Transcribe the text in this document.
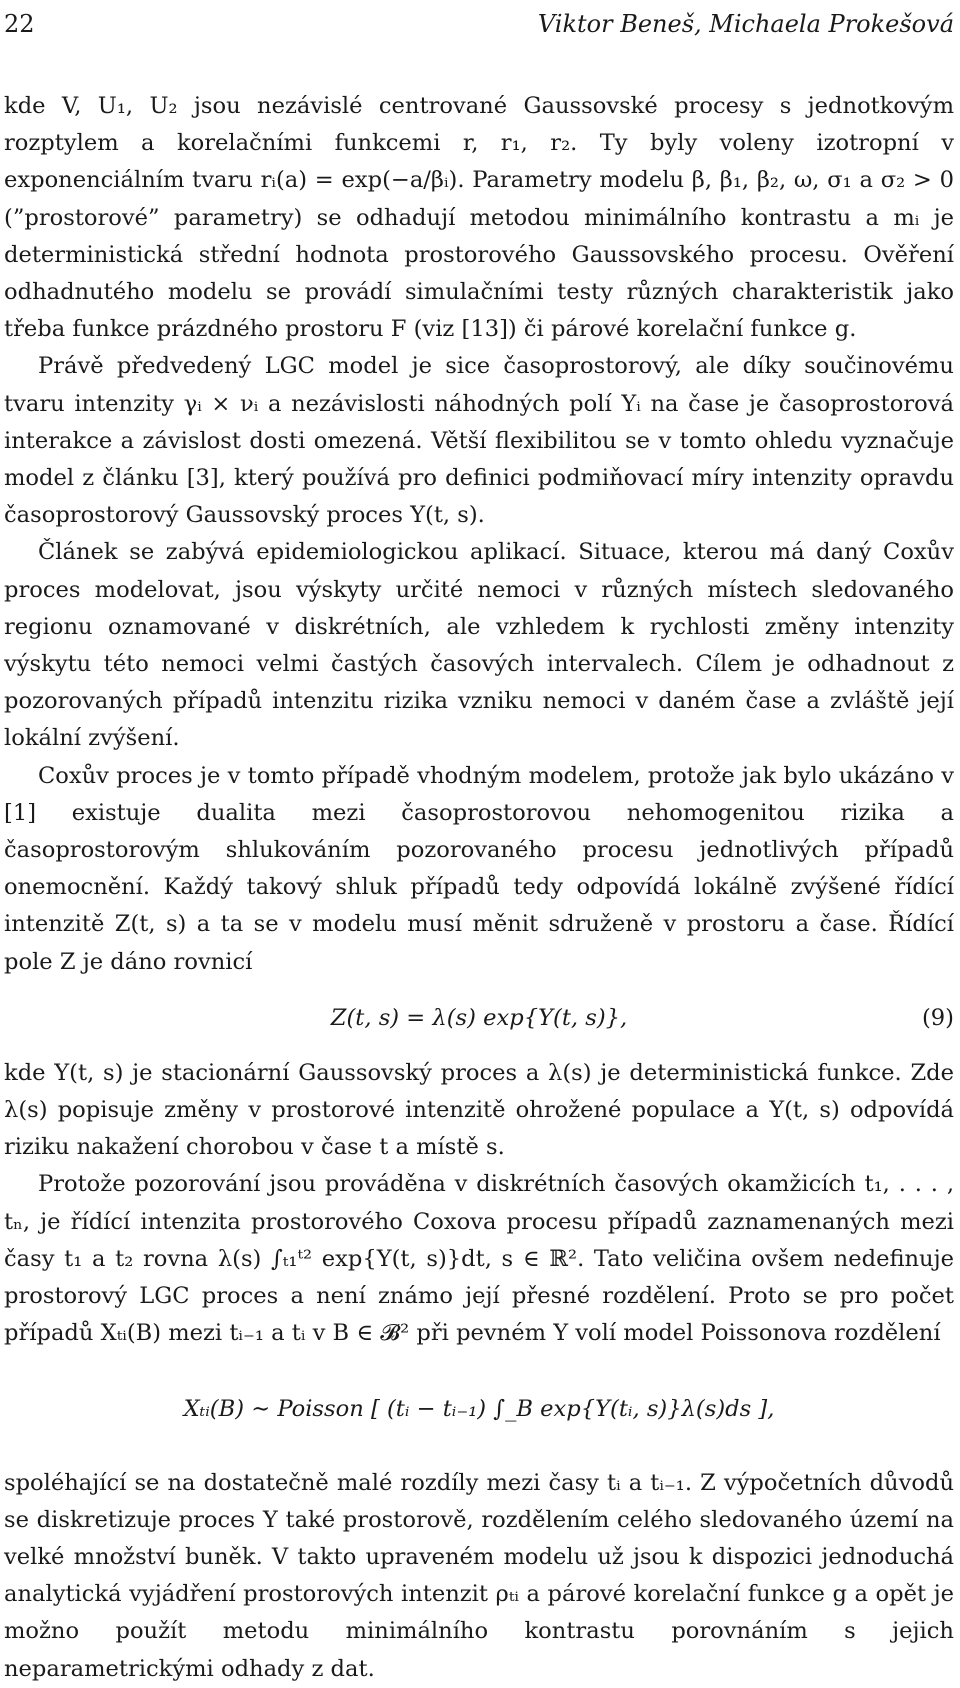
22	Viktor Beneš, Michaela Prokešová

kde V, U₁, U₂ jsou nezávislé centrované Gaussovské procesy s jednotkovým rozptylem a korelačními funkcemi r, r₁, r₂. Ty byly voleny izotropní v exponenciálním tvaru rᵢ(a) = exp(−a/βᵢ). Parametry modelu β, β₁, β₂, ω, σ₁ a σ₂ > 0 (”prostorové” parametry) se odhadují metodou minimálního kontrastu a mᵢ je deterministická střední hodnota prostorového Gaussovského procesu. Ověření odhadnutého modelu se provádí simulačními testy různých charakteristik jako třeba funkce prázdného prostoru F (viz [13]) či párové korelační funkce g.

Právě předvedený LGC model je sice časoprostorový, ale díky součinovému tvaru intenzity γᵢ × νᵢ a nezávislosti náhodných polí Yᵢ na čase je časoprostorová interakce a závislost dosti omezená. Větší flexibilitou se v tomto ohledu vyznačuje model z článku [3], který používá pro definici podmiňovací míry intenzity opravdu časoprostorový Gaussovský proces Y(t, s).

Článek se zabývá epidemiologickou aplikací. Situace, kterou má daný Coxův proces modelovat, jsou výskyty určité nemoci v různých místech sledovaného regionu oznamované v diskrétních, ale vzhledem k rychlosti změny intenzity výskytu této nemoci velmi častých časových intervalech. Cílem je odhadnout z pozorovaných případů intenzitu rizika vzniku nemoci v daném čase a zvláště její lokální zvýšení.

Coxův proces je v tomto případě vhodným modelem, protože jak bylo ukázáno v [1] existuje dualita mezi časoprostorovou nehomogenitou rizika a časoprostorovým shlukováním pozorovaného procesu jednotlivých případů onemocnění. Každý takový shluk případů tedy odpovídá lokálně zvýšené řídící intenzitě Z(t, s) a ta se v modelu musí měnit sdruženě v prostoru a čase. Řídící pole Z je dáno rovnicí

Z(t, s) = λ(s) exp{Y(t, s)},	(9)

kde Y(t, s) je stacionární Gaussovský proces a λ(s) je deterministická funkce. Zde λ(s) popisuje změny v prostorové intenzitě ohrožené populace a Y(t, s) odpovídá riziku nakažení chorobou v čase t a místě s.

Protože pozorování jsou prováděna v diskrétních časových okamžicích t₁, . . . , tₙ, je řídící intenzita prostorového Coxova procesu případů zaznamenaných mezi časy t₁ a t₂ rovna λ(s) ∫ₜ₁ᵗ² exp{Y(t, s)}dt, s ∈ ℝ². Tato veličina ovšem nedefinuje prostorový LGC proces a není známo její přesné rozdělení. Proto se pro počet případů Xₜᵢ(B) mezi tᵢ₋₁ a tᵢ v B ∈ 𝓑² při pevném Y volí model Poissonova rozdělení

Xₜᵢ(B) ∼ Poisson [ (tᵢ − tᵢ₋₁) ∫_B exp{Y(tᵢ, s)}λ(s)ds ],

spoléhající se na dostatečně malé rozdíly mezi časy tᵢ a tᵢ₋₁. Z výpočetních důvodů se diskretizuje proces Y také prostorově, rozdělením celého sledovaného území na velké množství buněk. V takto upraveném modelu už jsou k dispozici jednoduchá analytická vyjádření prostorových intenzit ρₜᵢ a párové korelační funkce g a opět je možno použít metodu minimálního kontrastu porovnáním s jejich neparametrickými odhady z dat.
